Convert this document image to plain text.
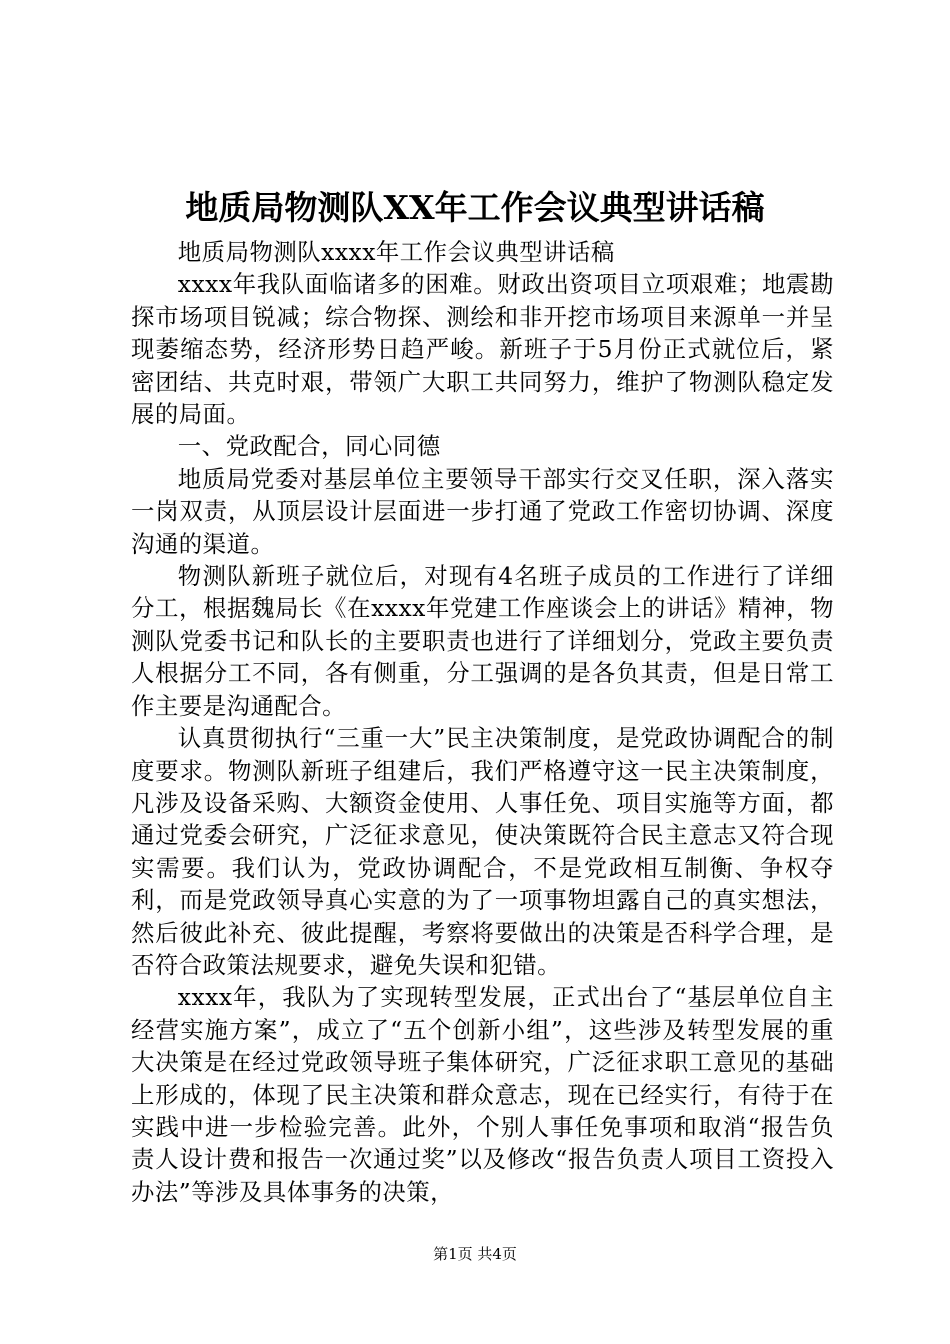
地质局物测队XX年工作会议典型讲话稿

地质局物测队xxxx年工作会议典型讲话稿

xxxx年我队面临诸多的困难。财政出资项目立项艰难；地震勘探市场项目锐减；综合物探、测绘和非开挖市场项目来源单一并呈现萎缩态势，经济形势日趋严峻。新班子于5月份正式就位后，紧密团结、共克时艰，带领广大职工共同努力，维护了物测队稳定发展的局面。

一、党政配合，同心同德

地质局党委对基层单位主要领导干部实行交叉任职，深入落实一岗双责，从顶层设计层面进一步打通了党政工作密切协调、深度沟通的渠道。

物测队新班子就位后，对现有4名班子成员的工作进行了详细分工，根据魏局长《在xxxx年党建工作座谈会上的讲话》精神，物测队党委书记和队长的主要职责也进行了详细划分，党政主要负责人根据分工不同，各有侧重，分工强调的是各负其责，但是日常工作主要是沟通配合。

认真贯彻执行“三重一大”民主决策制度，是党政协调配合的制度要求。物测队新班子组建后，我们严格遵守这一民主决策制度，凡涉及设备采购、大额资金使用、人事任免、项目实施等方面，都通过党委会研究，广泛征求意见，使决策既符合民主意志又符合现实需要。我们认为，党政协调配合，不是党政相互制衡、争权夺利，而是党政领导真心实意的为了一项事物坦露自己的真实想法，然后彼此补充、彼此提醒，考察将要做出的决策是否科学合理，是否符合政策法规要求，避免失误和犯错。

xxxx年，我队为了实现转型发展，正式出台了“基层单位自主经营实施方案”，成立了“五个创新小组”，这些涉及转型发展的重大决策是在经过党政领导班子集体研究，广泛征求职工意见的基础上形成的，体现了民主决策和群众意志，现在已经实行，有待于在实践中进一步检验完善。此外，个别人事任免事项和取消“报告负责人设计费和报告一次通过奖”以及修改“报告负责人项目工资投入办法”等涉及具体事务的决策，

第1页 共4页
